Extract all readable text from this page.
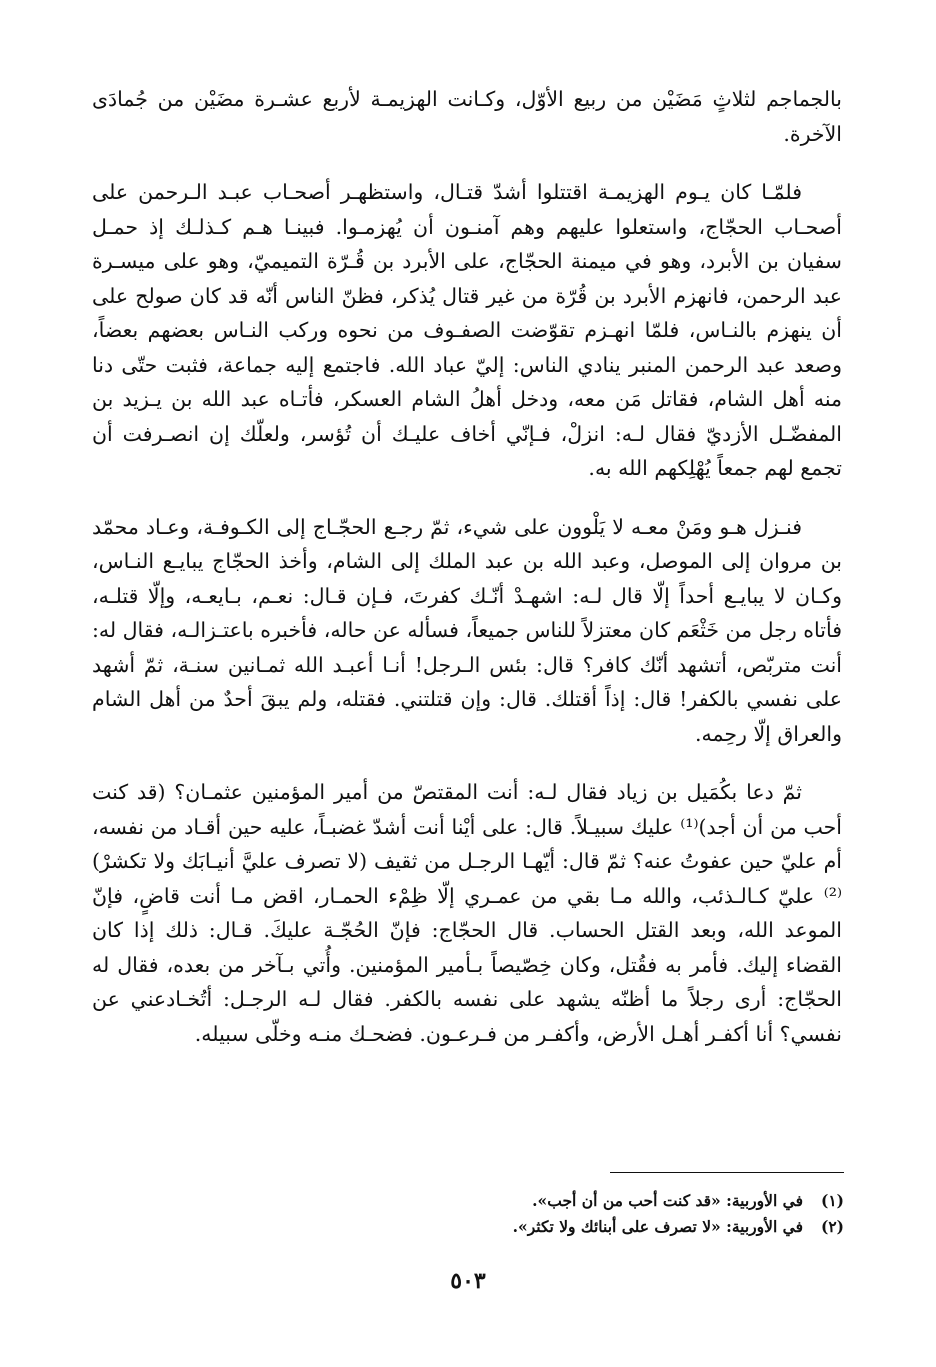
بالجماجم لثلاثٍ مَضَيْن من ربيع الأوّل، وكـانت الهزيمـة لأربع عشـرة مضَيْن من جُمادَى الآخرة.

فلمّـا كان يـوم الهزيمـة اقتتلوا أشدّ قتـال، واستظهـر أصحـاب عبـد الـرحمن على أصحـاب الحجّاج، واستعلوا عليهم وهم آمنـون أن يُهزمـوا. فبينـا هـم كـذلـك إذ حمـل سفيان بن الأبرد، وهو في ميمنة الحجّاج، على الأبرد بن قُـرّة التميميّ، وهو على ميسـرة عبد الرحمن، فانهزم الأبرد بن قُرّة من غير قتال يُذكر، فظنّ الناس أنّه قد كان صولح على أن ينهزم بالنـاس، فلمّا انهـزم تقوّضت الصفـوف من نحوه وركب النـاس بعضهم بعضاً، وصعد عبد الرحمن المنبر ينادي الناس: إليّ عباد الله. فاجتمع إليه جماعة، فثبت حتّى دنا منه أهل الشام، فقاتل مَن معه، ودخل أهلُ الشام العسكر، فأتـاه عبد الله بن يـزيد بن المفضّـل الأزديّ فقال لـه: انزلْ، فـإنّي أخاف عليـك أن تُؤسر، ولعلّك إن انصـرفت أن تجمع لهم جمعاً يُهْلِكهم الله به.

فنـزل هـو ومَنْ معـه لا يَلْوون على شيء، ثمّ رجـع الحجّـاج إلى الكـوفـة، وعـاد محمّد بن مروان إلى الموصل، وعبد الله بن عبد الملك إلى الشام، وأخذ الحجّاج يبايـع النـاس، وكـان لا يبايـع أحداً إلّا قال لـه: اشهـدْ أنّـك كفرتَ، فـإن قـال: نعـم، بـايعـه، وإلّا قتلـه، فأتاه رجل من خَثْعَم كان معتزلاً للناس جميعاً، فسأله عن حاله، فأخبره باعتـزالـه، فقال له: أنت متربّص، أتشهد أنّك كافر؟ قال: بئس الـرجل! أنـا أعبـد الله ثمـانين سنـة، ثمّ أشهد على نفسي بالكفر! قال: إذاً أقتلك. قال: وإن قتلتني. فقتله، ولم يبقَ أحدٌ من أهل الشام والعراق إلّا رحِمه.

ثمّ دعا بكُمَيل بن زياد فقال لـه: أنت المقتصّ من أمير المؤمنين عثمـان؟ (قد كنت أحب من أن أجد)⁽¹⁾ عليك سبيـلاً. قال: على أيْنا أنت أشدّ غضبـاً، عليه حين أقـاد من نفسه، أم عليّ حين عفوتُ عنه؟ ثمّ قال: أيّهـا الرجـل من ثقيف (لا تصرف عليَّ أنيـابَك ولا تكشرْ)⁽²⁾ عليّ كـالـذئب، والله مـا بقي من عمـري إلّا ظِمْء الحمـار، اقض مـا أنت قاضٍ، فإنّ الموعد الله، وبعد القتل الحساب. قال الحجّاج: فإنّ الحُجّـة عليكَ. قـال: ذلك إذا كان القضاء إليك. فأمر به فقُتل، وكان خِصّيصاً بـأمير المؤمنين. وأُتي بـآخر من بعده، فقال له الحجّاج: أرى رجلاً ما أظنّه يشهد على نفسه بالكفر. فقال لـه الرجـل: أتُخـادعني عن نفسي؟ أنا أكفـر أهـل الأرض، وأكفـر من فـرعـون. فضحـك منـه وخلّى سبيله.

(١)
في الأوربية: «قد كنت أحب من أن أجب».
(٢)
في الأوربية: «لا تصرف على أبنائك ولا تكثر».
٥٠٣
